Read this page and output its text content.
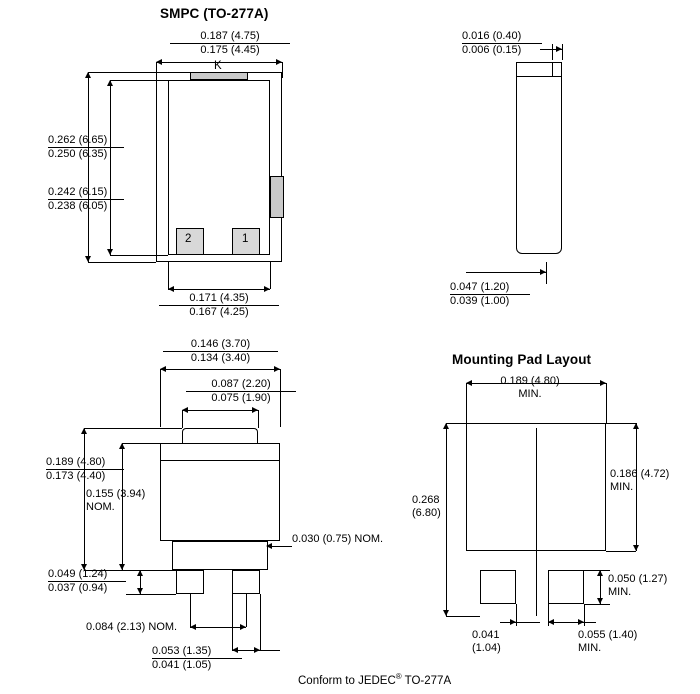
SMPC (TO-277A)
0.187 (4.75)
0.175 (4.45)
K
2	1
0.262 (6.65)
0.250 (6.35)
0.242 (6.15)
0.238 (6.05)
0.171 (4.35)
0.167 (4.25)
0.016 (0.40)
0.006 (0.15)
0.047 (1.20)
0.039 (1.00)
0.146 (3.70)
0.134 (3.40)
0.087 (2.20)
0.075 (1.90)
0.189 (4.80)
0.173 (4.40)
0.155 (3.94)
NOM.
0.030 (0.75) NOM.
0.049 (1.24)
0.037 (0.94)
0.084 (2.13) NOM.
0.053 (1.35)
0.041 (1.05)
Mounting Pad Layout
0.189 (4.80)
MIN.
0.186 (4.72)
MIN.
0.268
(6.80)
0.050 (1.27)
MIN.
0.041
(1.04)
0.055 (1.40)
MIN.
Conform to JEDEC® TO-277A
